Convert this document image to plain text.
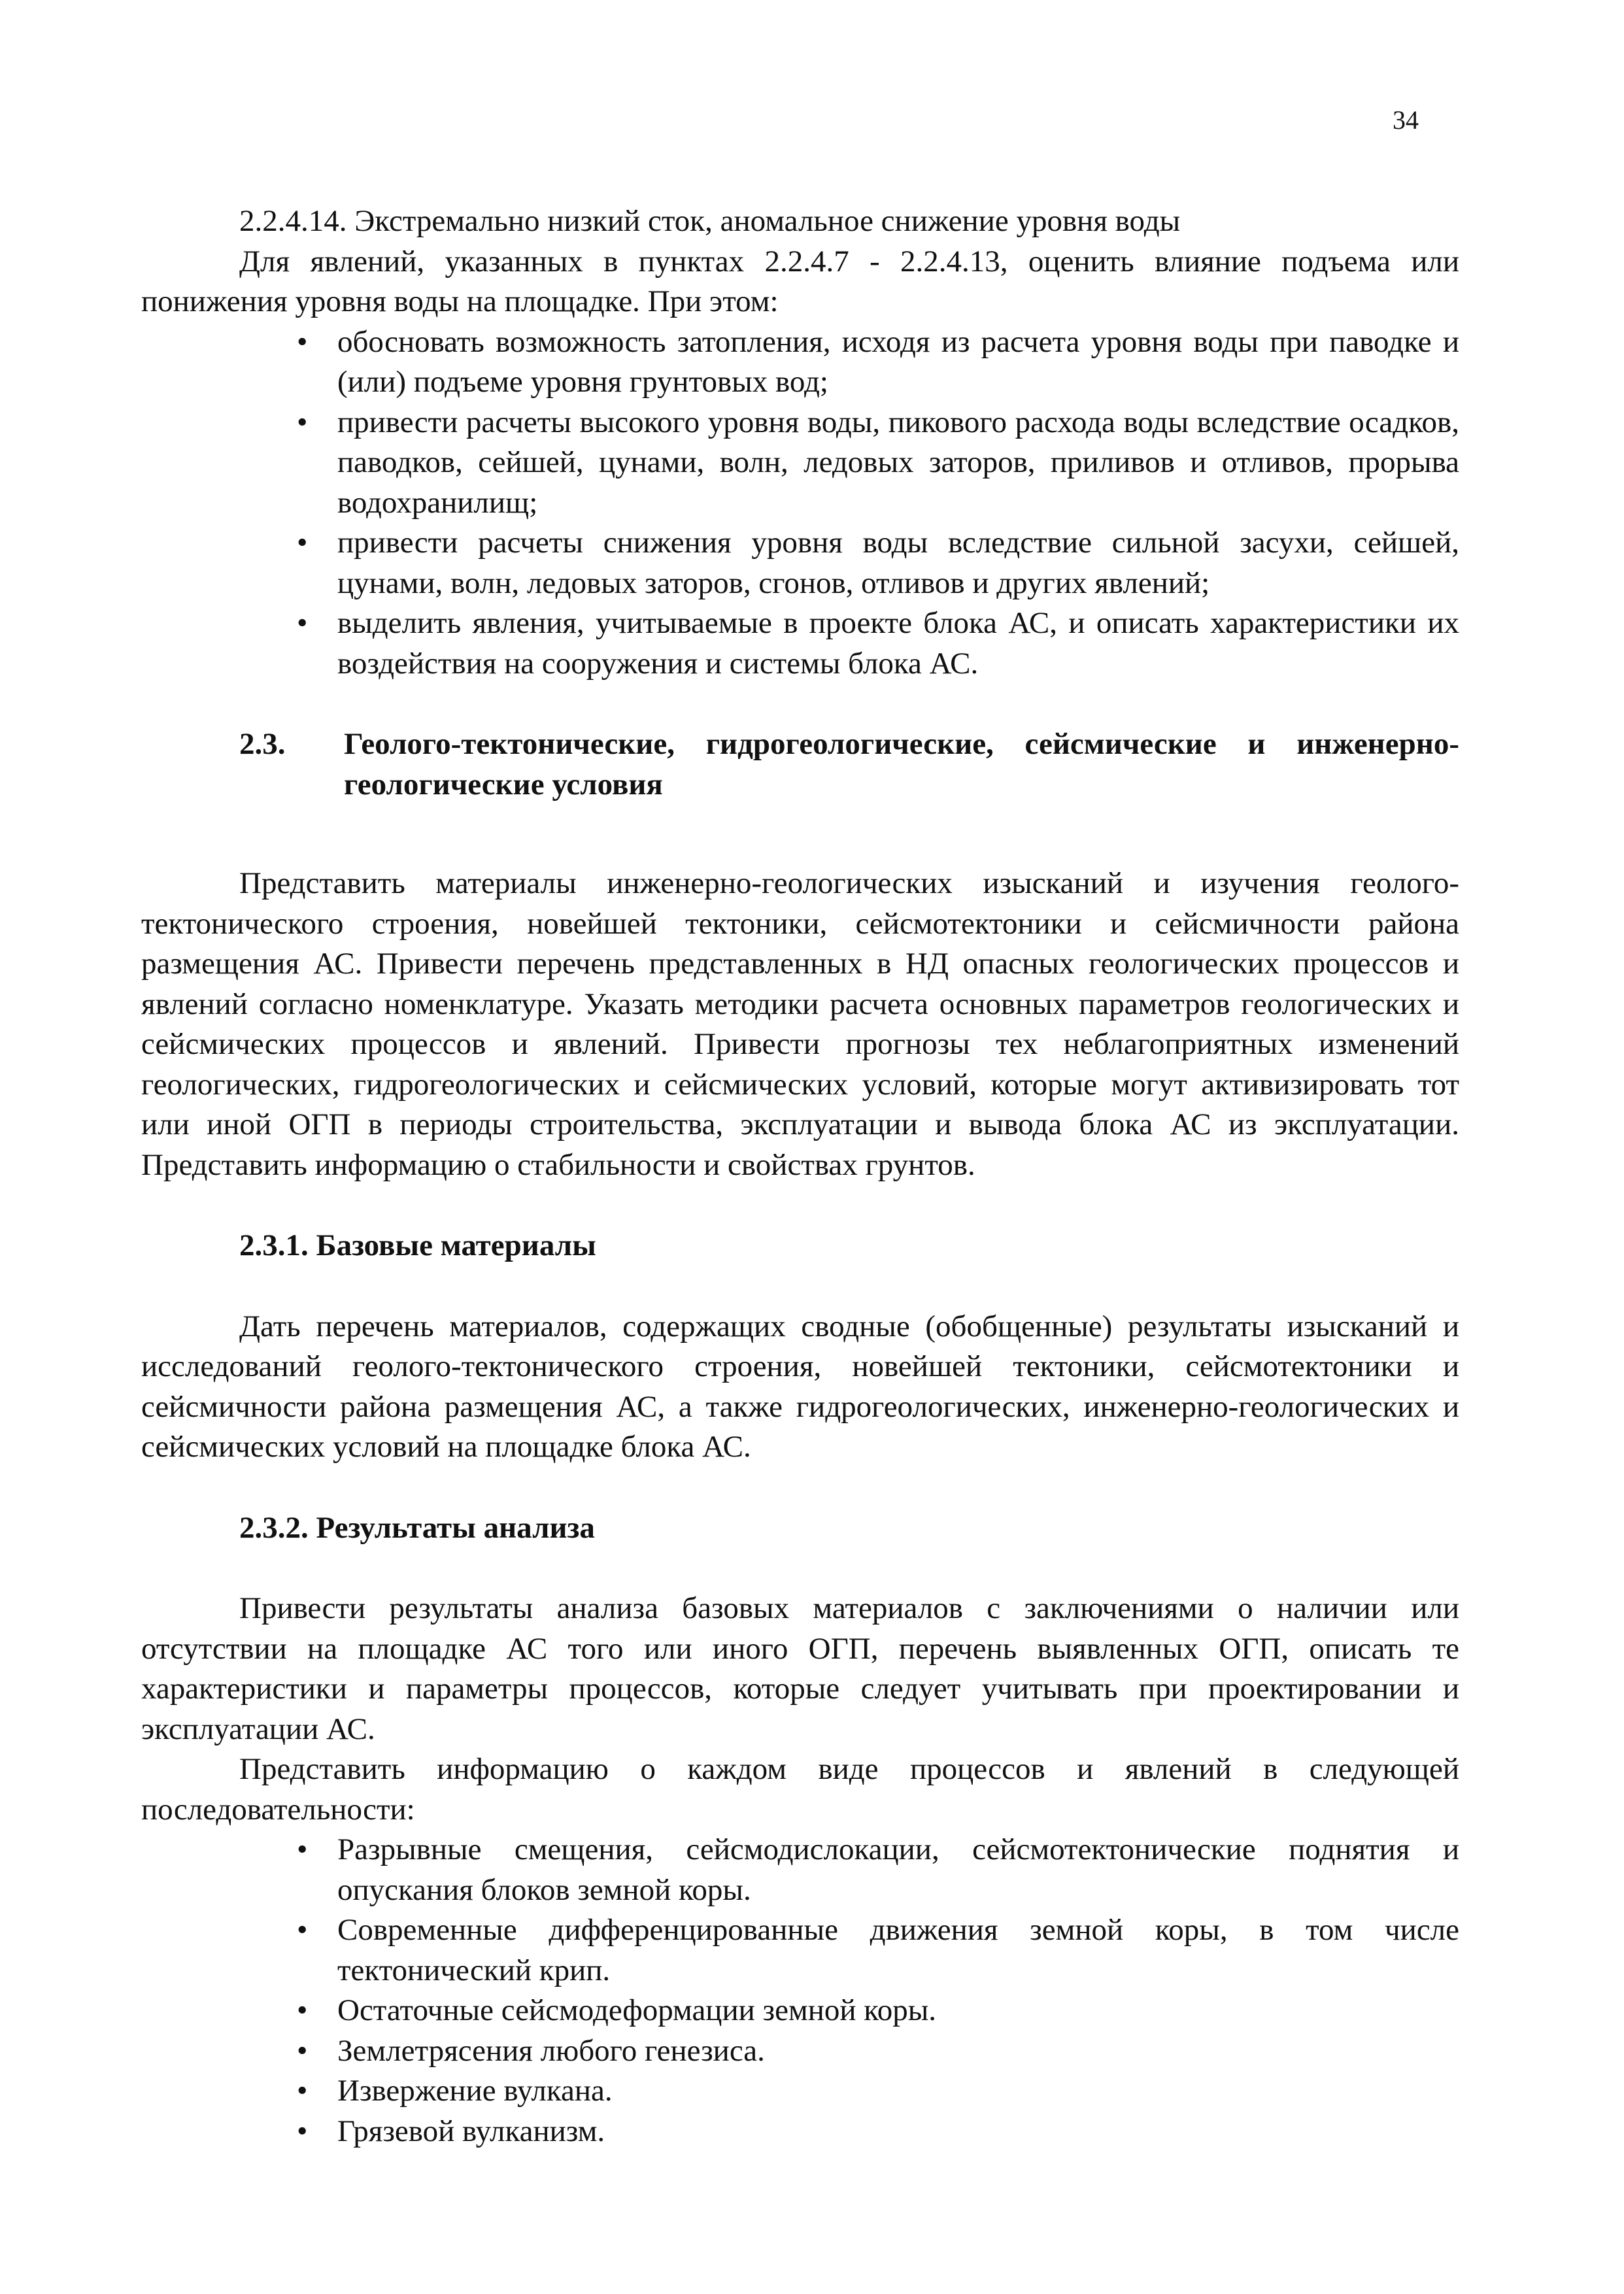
34

2.2.4.14. Экстремально низкий сток, аномальное снижение уровня воды

Для явлений, указанных в пунктах 2.2.4.7 - 2.2.4.13, оценить влияние подъема или понижения уровня воды на площадке. При этом:

• обосновать возможность затопления, исходя из расчета уровня воды при паводке и (или) подъеме уровня грунтовых вод;
• привести расчеты высокого уровня воды, пикового расхода воды вследствие осадков, паводков, сейшей, цунами, волн, ледовых заторов, приливов и отливов, прорыва водохранилищ;
• привести расчеты снижения уровня воды вследствие сильной засухи, сейшей, цунами, волн, ледовых заторов, сгонов, отливов и других явлений;
• выделить явления, учитываемые в проекте блока АС, и описать характеристики их воздействия на сооружения и системы блока АС.
2.3.	Геолого-тектонические, гидрогеологические, сейсмические и инженерно-геологические условия

Представить материалы инженерно-геологических изысканий и изучения геолого-тектонического строения, новейшей тектоники, сейсмотектоники и сейсмичности района размещения АС. Привести перечень представленных в НД опасных геологических процессов и явлений согласно номенклатуре. Указать методики расчета основных параметров геологических и сейсмических процессов и явлений. Привести прогнозы тех неблагоприятных изменений геологических, гидрогеологических и сейсмических условий, которые могут активизировать тот или иной ОГП в периоды строительства, эксплуатации и вывода блока АС из эксплуатации. Представить информацию о стабильности и свойствах грунтов.

2.3.1. Базовые материалы

Дать перечень материалов, содержащих сводные (обобщенные) результаты изысканий и исследований геолого-тектонического строения, новейшей тектоники, сейсмотектоники и сейсмичности района размещения АС, а также гидрогеологических, инженерно-геологических и сейсмических условий на площадке блока АС.

2.3.2. Результаты анализа

Привести результаты анализа базовых материалов с заключениями о наличии или отсутствии на площадке АС того или иного ОГП, перечень выявленных ОГП, описать те характеристики и параметры процессов, которые следует учитывать при проектировании и эксплуатации АС.

Представить информацию о каждом виде процессов и явлений в следующей последовательности:

• Разрывные смещения, сейсмодислокации, сейсмотектонические поднятия и опускания блоков земной коры.
• Современные дифференцированные движения земной коры, в том числе тектонический крип.
• Остаточные сейсмодеформации земной коры.
• Землетрясения любого генезиса.
• Извержение вулкана.
• Грязевой вулканизм.
